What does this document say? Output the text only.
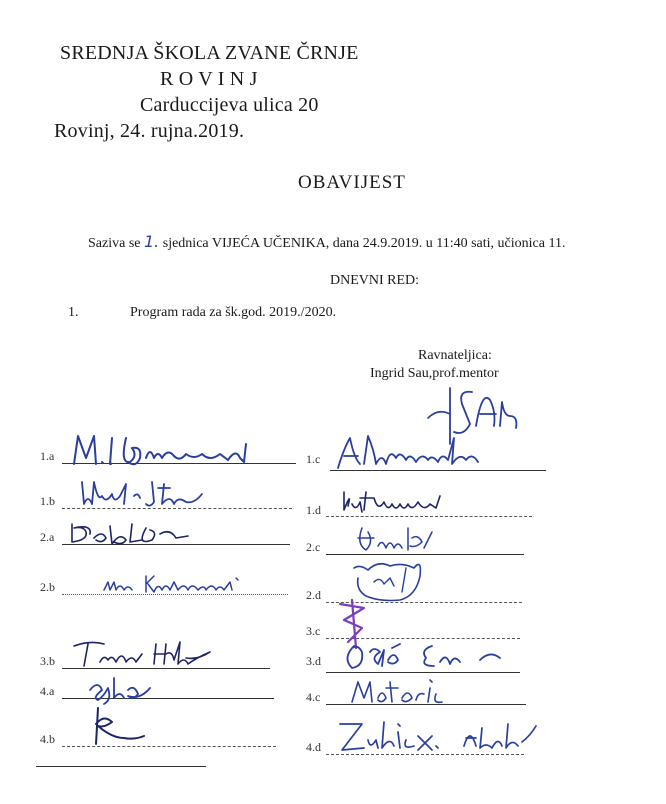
SREDNJA ŠKOLA ZVANE ČRNJE
R O V I N J
Carduccijeva ulica 20
Rovinj, 24. rujna.2019.
OBAVIJEST
Saziva se 1. sjednica VIJEĆA UČENIKA, dana 24.9.2019. u 11:40 sati, učionica 11.
DNEVNI RED:
1.	Program rada za šk.god. 2019./2020.
Ravnateljica:
Ingrid Sau,prof.mentor
1.a
1.b
2.a
2.b
3.b
4.a
4.b
1.c
1.d
2.c
2.d
3.c
3.d
4.c
4.d
